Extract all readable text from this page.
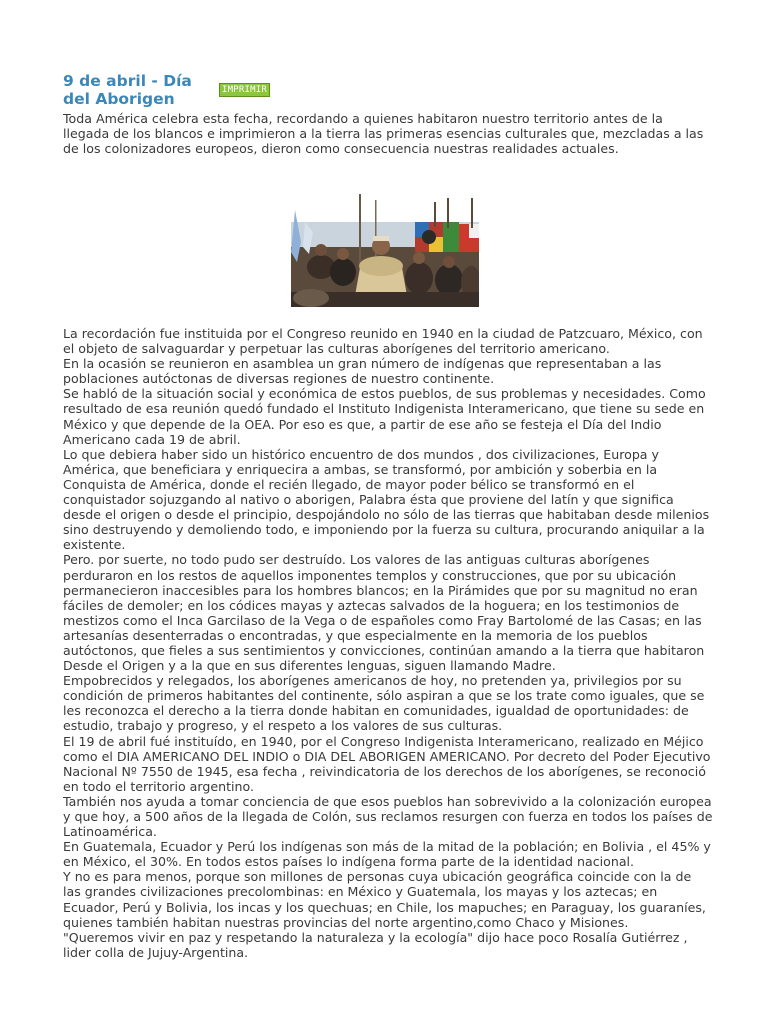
9 de abril - Día del Aborigen	IMPRIMIR

Toda América celebra esta fecha, recordando a quienes habitaron nuestro territorio antes de la llegada de los blancos e imprimieron a la tierra las primeras esencias culturales que, mezcladas a las de los colonizadores europeos, dieron como consecuencia nuestras realidades actuales.

La recordación fue instituida por el Congreso reunido en 1940 en la ciudad de Patzcuaro, México, con el objeto de salvaguardar y perpetuar las culturas aborígenes del territorio americano.
En la ocasión se reunieron en asamblea un gran número de indígenas que representaban a las poblaciones autóctonas de diversas regiones de nuestro continente.
Se habló de la situación social y económica de estos pueblos, de sus problemas y necesidades. Como resultado de esa reunión quedó fundado el Instituto Indigenista Interamericano, que tiene su sede en México y que depende de la OEA. Por eso es que, a partir de ese año se festeja el Día del Indio Americano cada 19 de abril.
Lo que debiera haber sido un histórico encuentro de dos mundos , dos civilizaciones, Europa y América, que beneficiara y enriquecira a ambas, se transformó, por ambición y soberbia en la Conquista de América, donde el recién llegado, de mayor poder bélico se transformó en el conquistador sojuzgando al nativo o aborigen, Palabra ésta que proviene del latín y que significa desde el origen o desde el principio, despojándolo no sólo de las tierras que habitaban desde milenios sino destruyendo y demoliendo todo, e imponiendo por la fuerza su cultura, procurando aniquilar a la existente.
Pero. por suerte, no todo pudo ser destruído. Los valores de las antiguas culturas aborígenes perduraron en los restos de aquellos imponentes templos y construcciones, que por su ubicación permanecieron inaccesibles para los hombres blancos; en la Pirámides que por su magnitud no eran fáciles de demoler; en los códices mayas y aztecas salvados de la hoguera; en los testimonios de mestizos como el Inca Garcilaso de la Vega o de españoles como Fray Bartolomé de las Casas; en las artesanías desenterradas o encontradas, y que especialmente en la memoria de los pueblos autóctonos, que fieles a sus sentimientos y convicciones, continúan amando a la tierra que habitaron Desde el Origen y a la que en sus diferentes lenguas, siguen llamando Madre.
Empobrecidos y relegados, los aborígenes americanos de hoy, no pretenden ya, privilegios por su condición de primeros habitantes del continente, sólo aspiran a que se los trate como iguales, que se les reconozca el derecho a la tierra donde habitan en comunidades, igualdad de oportunidades: de estudio, trabajo y progreso, y el respeto a los valores de sus culturas.
El 19 de abril fué instituído, en 1940, por el Congreso Indigenista Interamericano, realizado en Méjico como el DIA AMERICANO DEL INDIO o DIA DEL ABORIGEN AMERICANO. Por decreto del Poder Ejecutivo Nacional Nº 7550 de 1945, esa fecha , reivindicatoria de los derechos de los aborígenes, se reconoció en todo el territorio argentino.
También nos ayuda a tomar conciencia de que esos pueblos han sobrevivido a la colonización europea y que hoy, a 500 años de la llegada de Colón, sus reclamos resurgen con fuerza en todos los países de Latinoamérica.
En Guatemala, Ecuador y Perú los indígenas son más de la mitad de la población; en Bolivia , el 45% y en México, el 30%. En todos estos países lo indígena forma parte de la identidad nacional.
Y no es para menos, porque son millones de personas cuya ubicación geográfica coincide con la de las grandes civilizaciones precolombinas: en México y Guatemala, los mayas y los aztecas; en Ecuador, Perú y Bolivia, los incas y los quechuas; en Chile, los mapuches; en Paraguay, los guaraníes, quienes también habitan nuestras provincias del norte argentino,como Chaco y Misiones.
"Queremos vivir en paz y respetando la naturaleza y la ecología" dijo hace poco Rosalía Gutiérrez , lider colla de Jujuy-Argentina.
